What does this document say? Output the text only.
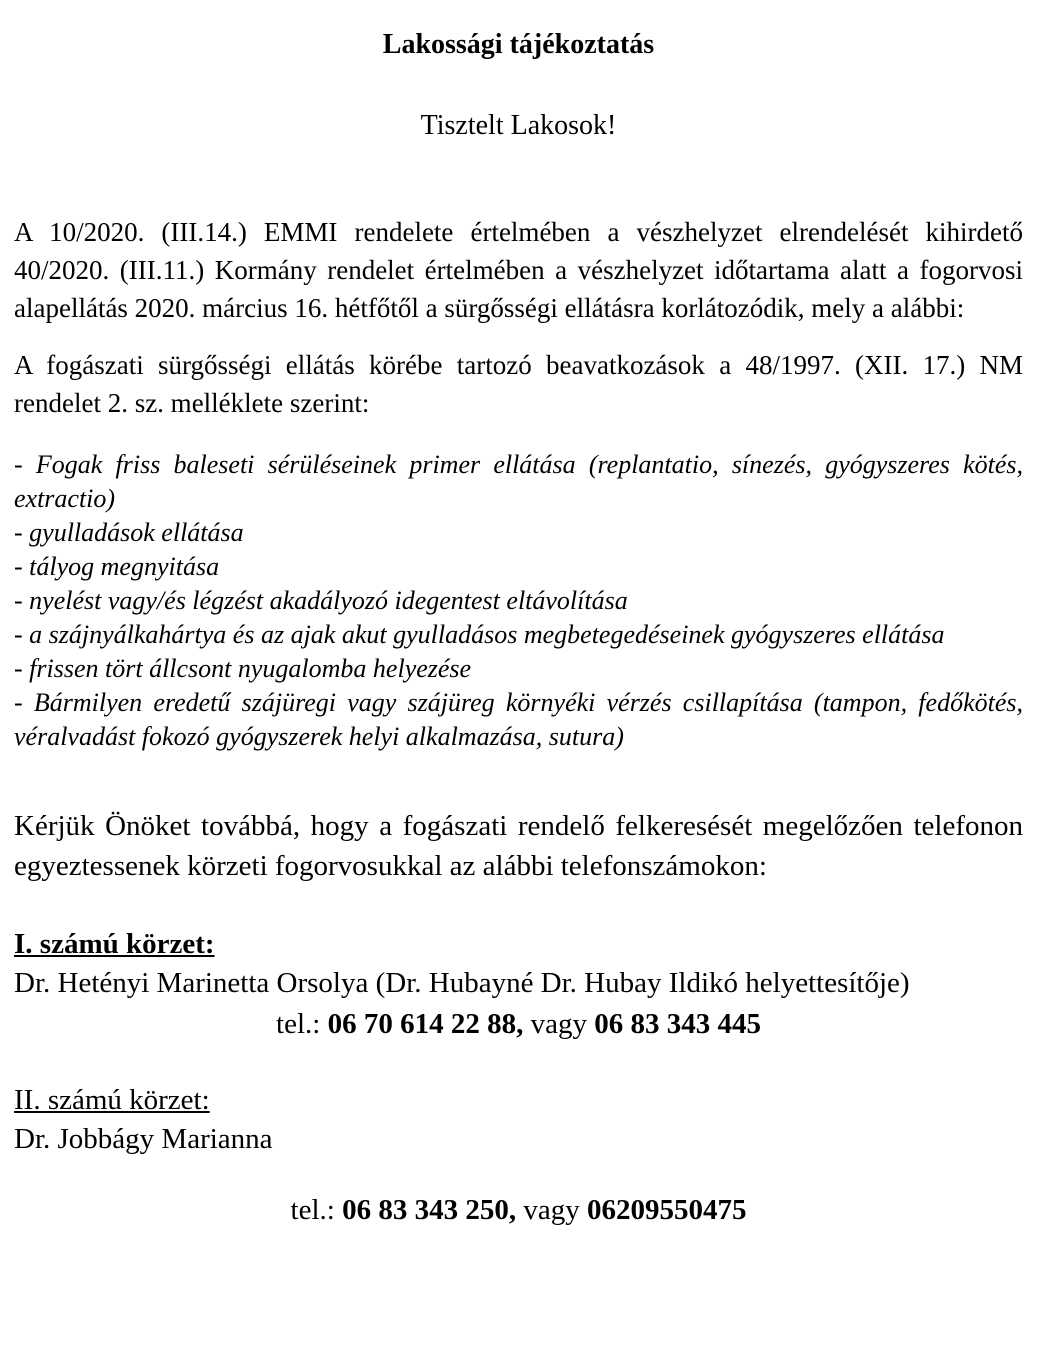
Lakossági tájékoztatás

Tisztelt Lakosok!

A 10/2020. (III.14.) EMMI rendelete értelmében a vészhelyzet elrendelését kihirdető 40/2020. (III.11.) Kormány rendelet értelmében a vészhelyzet időtartama alatt a fogorvosi alapellátás 2020. március 16. hétfőtől a sürgősségi ellátásra korlátozódik, mely a alábbi:

A fogászati sürgősségi ellátás körébe tartozó beavatkozások a 48/1997. (XII. 17.) NM rendelet 2. sz. melléklete szerint:

- Fogak friss baleseti sérüléseinek primer ellátása (replantatio, sínezés, gyógyszeres kötés, extractio)

- gyulladások ellátása

- tályog megnyitása

- nyelést vagy/és légzést akadályozó idegentest eltávolítása

- a szájnyálkahártya és az ajak akut gyulladásos megbetegedéseinek gyógyszeres ellátása

- frissen tört állcsont nyugalomba helyezése

- Bármilyen eredetű szájüregi vagy szájüreg környéki vérzés csillapítása (tampon, fedőkötés, véralvadást fokozó gyógyszerek helyi alkalmazása, sutura)

Kérjük Önöket továbbá, hogy a fogászati rendelő felkeresését megelőzően telefonon egyeztessenek körzeti fogorvosukkal az alábbi telefonszámokon:

I. számú körzet:

Dr. Hetényi Marinetta Orsolya (Dr. Hubayné Dr. Hubay Ildikó helyettesítője)

tel.: 06 70 614 22 88, vagy 06 83 343 445

II. számú körzet:

Dr. Jobbágy Marianna

tel.: 06 83 343 250, vagy 06209550475
